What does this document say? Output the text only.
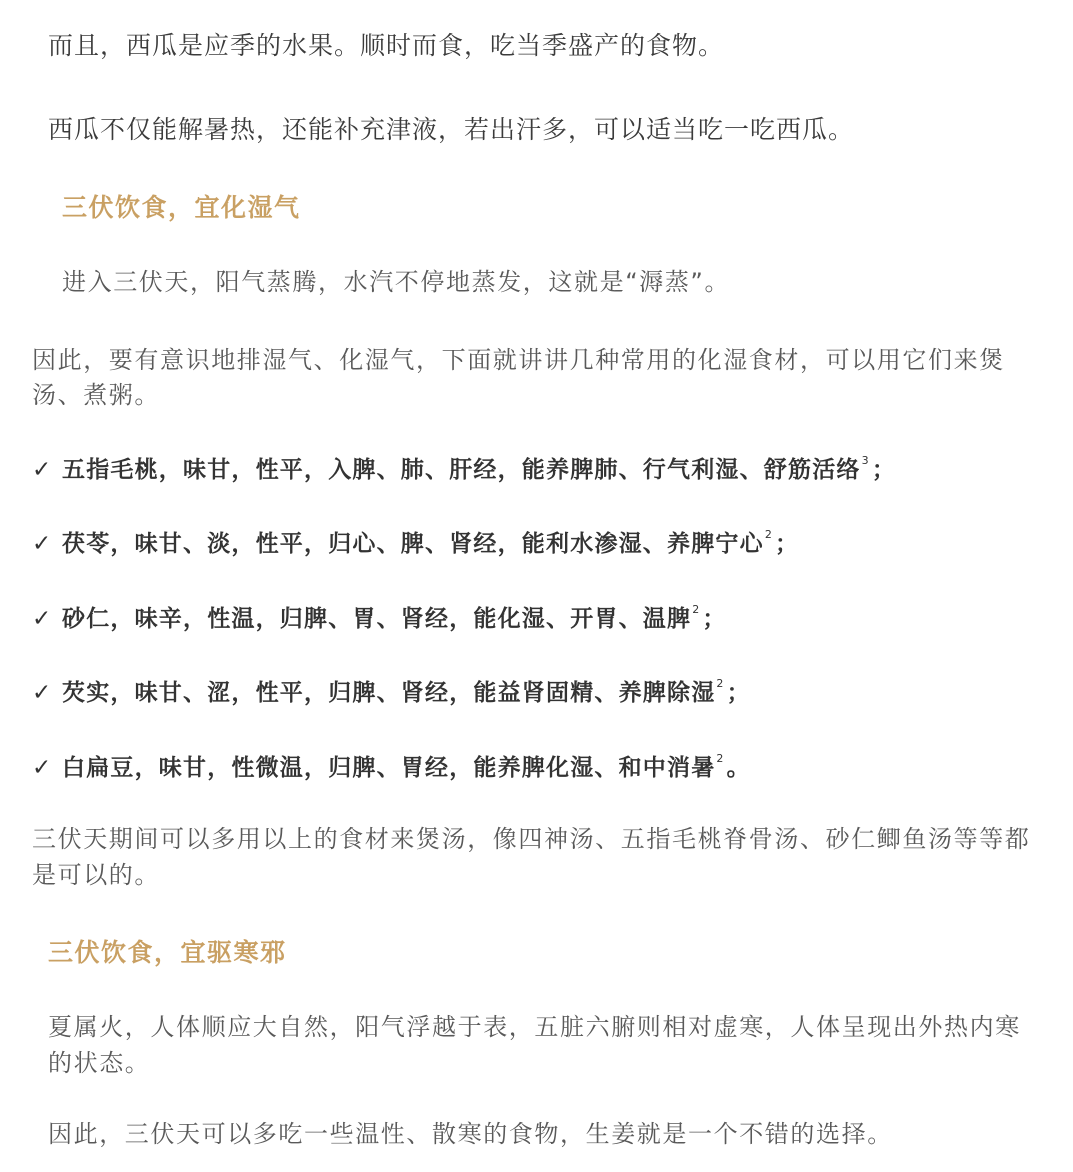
而且，西瓜是应季的水果。顺时而食，吃当季盛产的食物。
西瓜不仅能解暑热，还能补充津液，若出汗多，可以适当吃一吃西瓜。
三伏饮食，宜化湿气
进入三伏天，阳气蒸腾，水汽不停地蒸发，这就是“溽蒸”。
因此，要有意识地排湿气、化湿气，下面就讲讲几种常用的化湿食材，可以用它们来煲
汤、煮粥。
✓ 五指毛桃，味甘，性平，入脾、肺、肝经，能养脾肺、行气利湿、舒筋活络$^3$；
✓ 茯苓，味甘、淡，性平，归心、脾、肾经，能利水渗湿、养脾宁心$^2$；
✓ 砂仁，味辛，性温，归脾、胃、肾经，能化湿、开胃、温脾$^2$；
✓ 芡实，味甘、涩，性平，归脾、肾经，能益肾固精、养脾除湿$^2$；
✓ 白扁豆，味甘，性微温，归脾、胃经，能养脾化湿、和中消暑$^2$。
三伏天期间可以多用以上的食材来煲汤，像四神汤、五指毛桃脊骨汤、砂仁鲫鱼汤等等都
是可以的。
三伏饮食，宜驱寒邪
夏属火，人体顺应大自然，阳气浮越于表，五脏六腑则相对虚寒，人体呈现出外热内寒
的状态。
因此，三伏天可以多吃一些温性、散寒的食物，生姜就是一个不错的选择。
